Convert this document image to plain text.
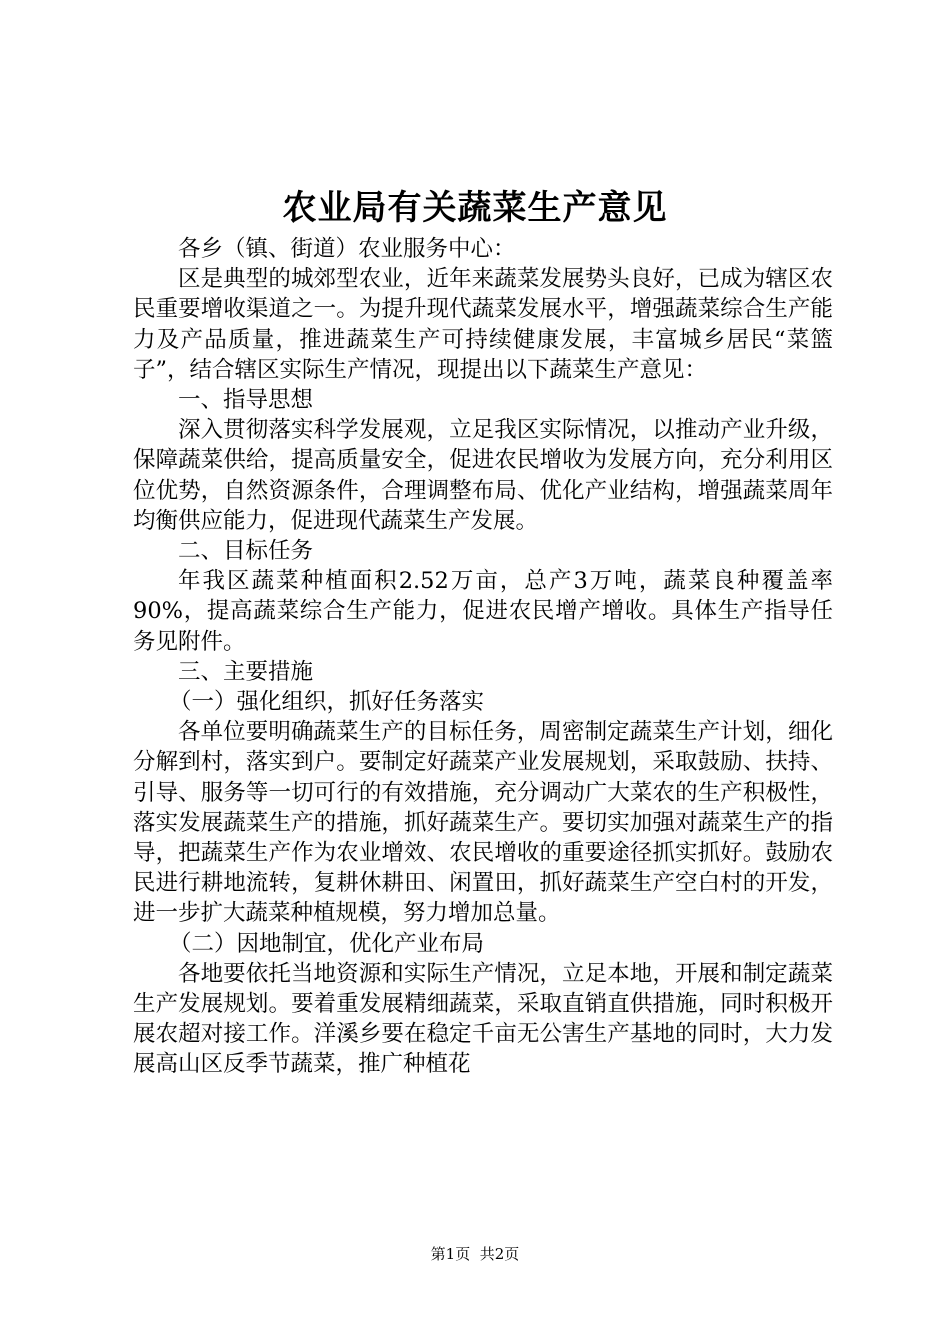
农业局有关蔬菜生产意见

各乡（镇、街道）农业服务中心：

区是典型的城郊型农业，近年来蔬菜发展势头良好，已成为辖区农民重要增收渠道之一。为提升现代蔬菜发展水平，增强蔬菜综合生产能力及产品质量，推进蔬菜生产可持续健康发展，丰富城乡居民“菜篮子”，结合辖区实际生产情况，现提出以下蔬菜生产意见：

一、指导思想

深入贯彻落实科学发展观，立足我区实际情况，以推动产业升级，保障蔬菜供给，提高质量安全，促进农民增收为发展方向，充分利用区位优势，自然资源条件，合理调整布局、优化产业结构，增强蔬菜周年均衡供应能力，促进现代蔬菜生产发展。

二、目标任务

年我区蔬菜种植面积2.52万亩，总产3万吨，蔬菜良种覆盖率90%，提高蔬菜综合生产能力，促进农民增产增收。具体生产指导任务见附件。

三、主要措施

（一）强化组织，抓好任务落实

各单位要明确蔬菜生产的目标任务，周密制定蔬菜生产计划，细化分解到村，落实到户。要制定好蔬菜产业发展规划，采取鼓励、扶持、引导、服务等一切可行的有效措施，充分调动广大菜农的生产积极性，落实发展蔬菜生产的措施，抓好蔬菜生产。要切实加强对蔬菜生产的指导，把蔬菜生产作为农业增效、农民增收的重要途径抓实抓好。鼓励农民进行耕地流转，复耕休耕田、闲置田，抓好蔬菜生产空白村的开发，进一步扩大蔬菜种植规模，努力增加总量。

（二）因地制宜，优化产业布局

各地要依托当地资源和实际生产情况，立足本地，开展和制定蔬菜生产发展规划。要着重发展精细蔬菜，采取直销直供措施，同时积极开展农超对接工作。洋溪乡要在稳定千亩无公害生产基地的同时，大力发展高山区反季节蔬菜，推广种植花

第1页 共2页
